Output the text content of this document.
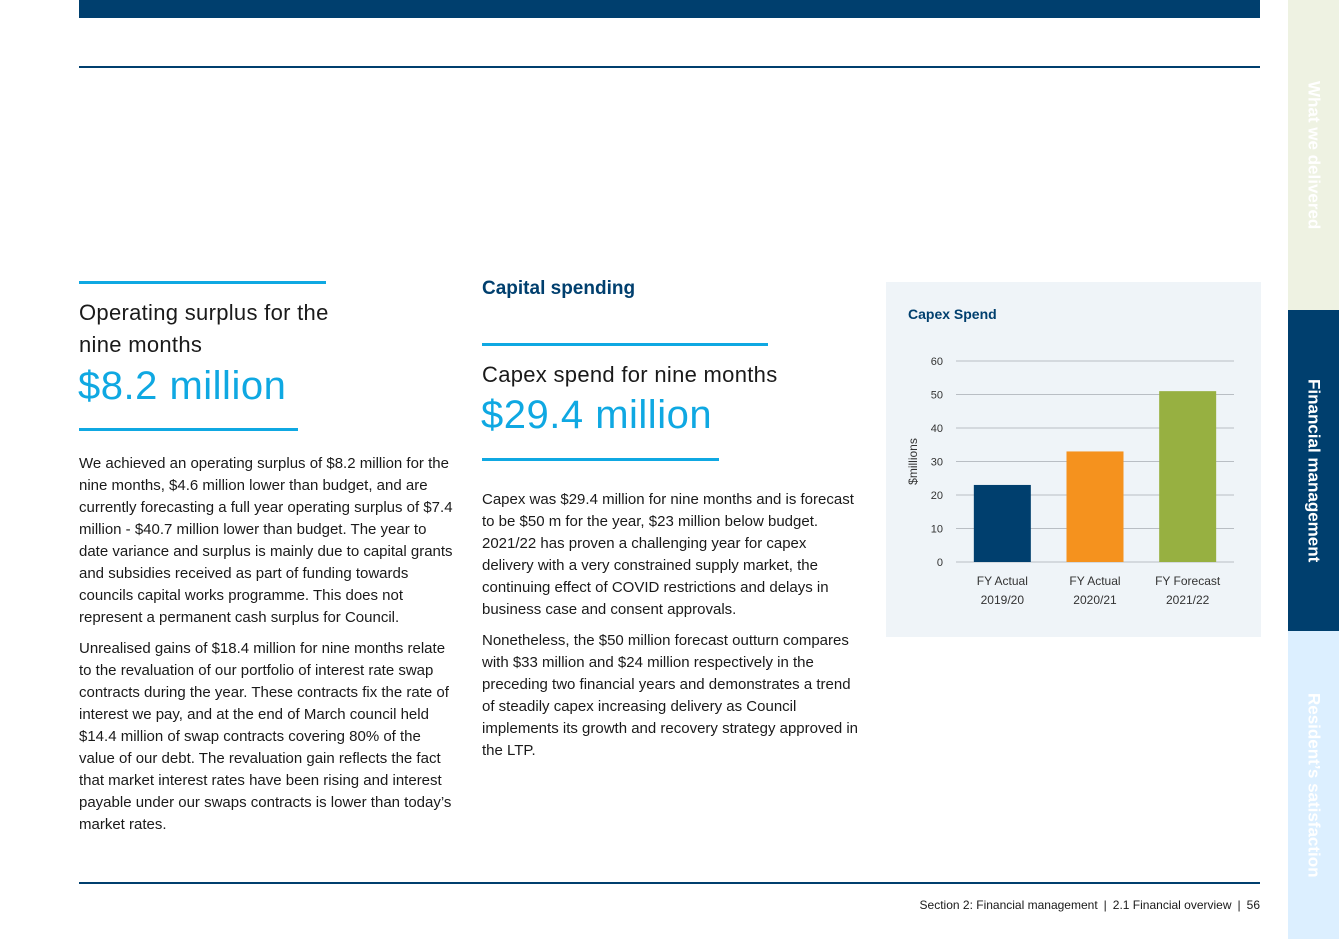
What we delivered
Financial management
Resident’s satisfaction
Operating surplus for the
nine months
$8.2 million

We achieved an operating surplus of $8.2 million for the nine months, $4.6 million lower than budget, and are currently forecasting a full year operating surplus of $7.4 million - $40.7 million lower than budget. The year to date variance and surplus is mainly due to capital grants and subsidies received as part of funding towards councils capital works programme. This does not represent a permanent cash surplus for Council.

Unrealised gains of $18.4 million for nine months relate to the revaluation of our portfolio of interest rate swap contracts during the year. These contracts fix the rate of interest we pay, and at the end of March council held $14.4 million of swap contracts covering 80% of the value of our debt. The revaluation gain reflects the fact that market interest rates have been rising and interest payable under our swaps contracts is lower than today’s market rates.

Capital spending
Capex spend for nine months
$29.4 million

Capex was $29.4 million for nine months and is forecast to be $50 m for the year, $23 million below budget. 2021/22 has proven a challenging year for capex delivery with a very constrained supply market, the continuing effect of COVID restrictions and delays in business case and consent approvals.

Nonetheless, the $50 million forecast outturn compares with $33 million and $24 million respectively in the preceding two financial years and demonstrates a trend of steadily capex increasing delivery as Council implements its growth and recovery strategy approved in the LTP.

Capex Spend
0
10
20
30
40
50
60
$millions
FY Actual
2019/20
FY Actual
2020/21
FY Forecast
2021/22
Section 2: Financial management | 2.1 Financial overview | 56
